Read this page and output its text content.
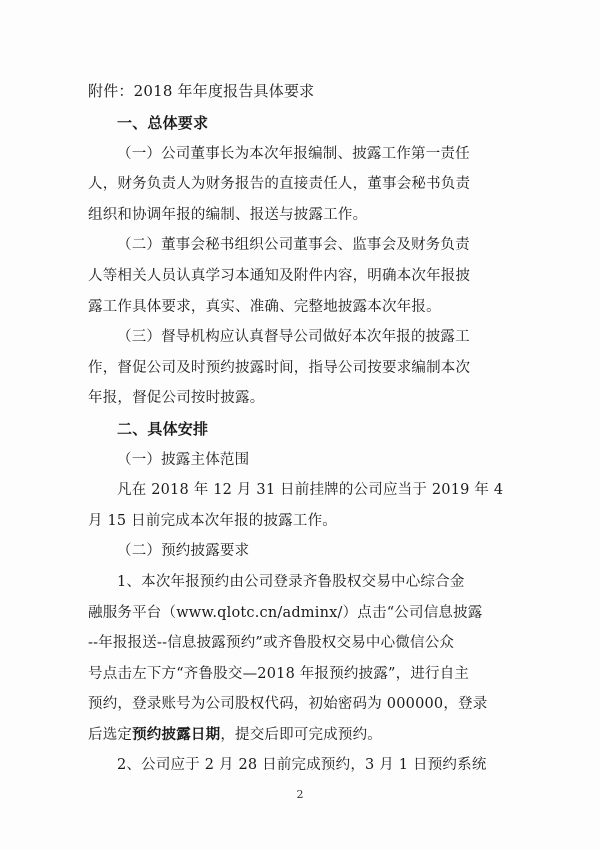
附件：2018 年年度报告具体要求
一、总体要求
（一）公司董事长为本次年报编制、披露工作第一责任
人，财务负责人为财务报告的直接责任人，董事会秘书负责
组织和协调年报的编制、报送与披露工作。
（二）董事会秘书组织公司董事会、监事会及财务负责
人等相关人员认真学习本通知及附件内容，明确本次年报披
露工作具体要求，真实、准确、完整地披露本次年报。
（三）督导机构应认真督导公司做好本次年报的披露工
作，督促公司及时预约披露时间，指导公司按要求编制本次
年报，督促公司按时披露。
二、具体安排
（一）披露主体范围
凡在 2018 年 12 月 31 日前挂牌的公司应当于 2019 年 4
月 15 日前完成本次年报的披露工作。
（二）预约披露要求
1、本次年报预约由公司登录齐鲁股权交易中心综合金
融服务平台（www.qlotc.cn/adminx/）点击“公司信息披露
--年报报送--信息披露预约”或齐鲁股权交易中心微信公众
号点击左下方“齐鲁股交—2018 年报预约披露”，进行自主
预约，登录账号为公司股权代码，初始密码为 000000，登录
后选定预约披露日期，提交后即可完成预约。
2、公司应于 2 月 28 日前完成预约，3 月 1 日预约系统
2
